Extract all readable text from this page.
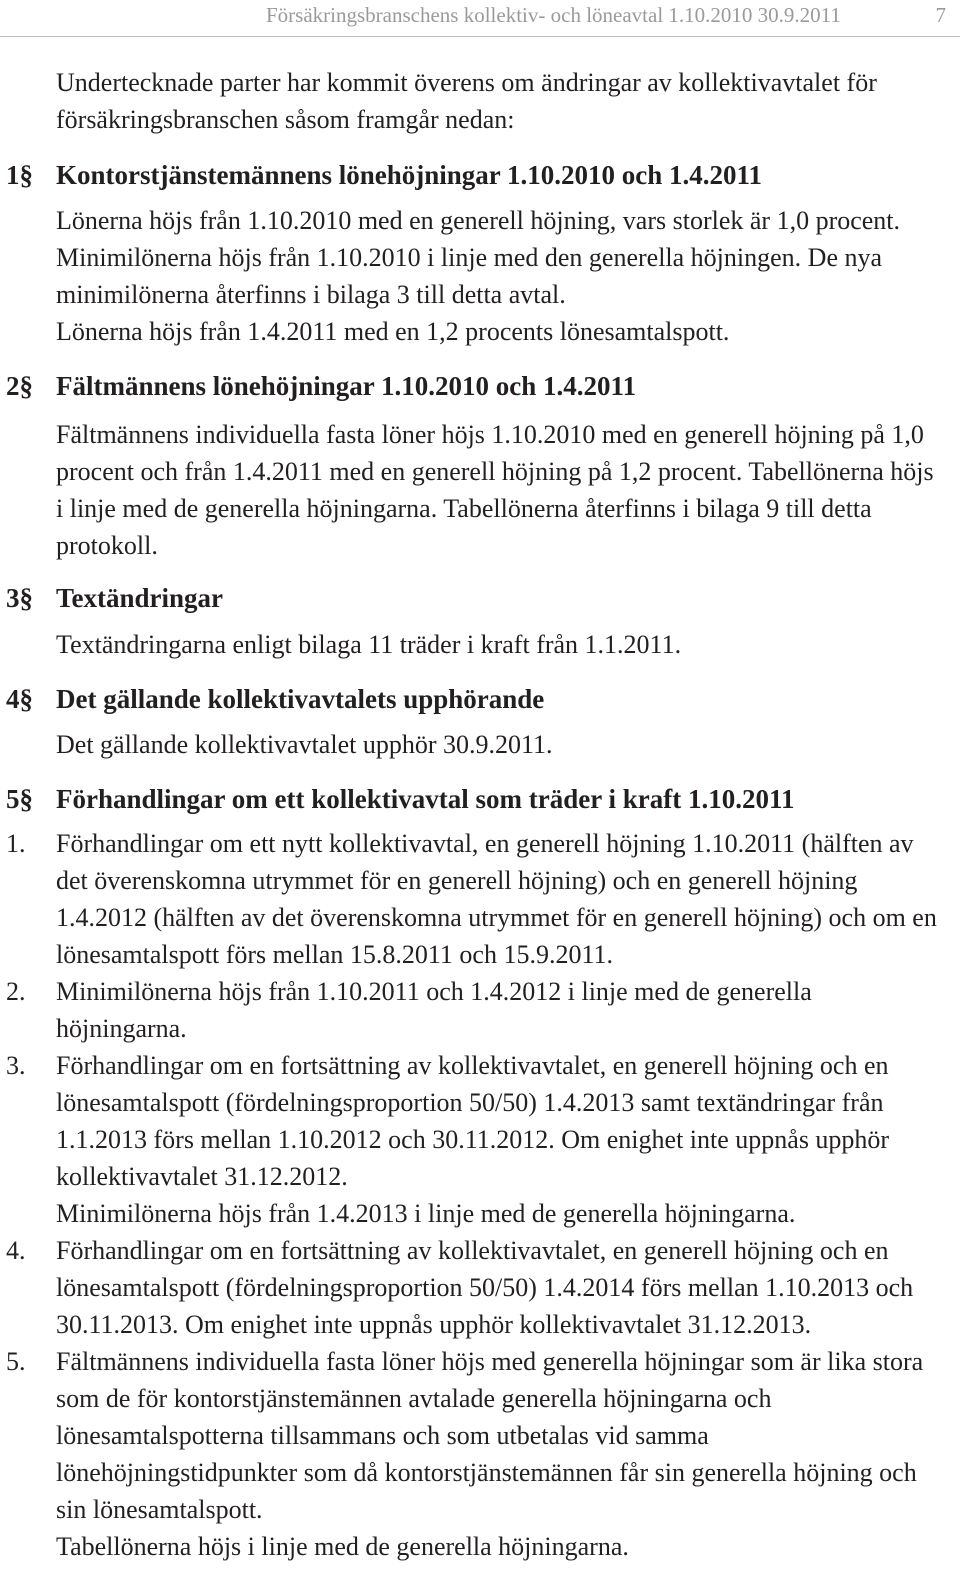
Försäkringsbranschens kollektiv- och löneavtal 1.10.2010 30.9.2011	7

Undertecknade parter har kommit överens om ändringar av kollektivavtalet för försäkringsbranschen såsom framgår nedan:

1§ Kontorstjänstemännens lönehöjningar 1.10.2010 och 1.4.2011

Lönerna höjs från 1.10.2010 med en generell höjning, vars storlek är 1,0 procent. Minimilönerna höjs från 1.10.2010 i linje med den generella höjningen. De nya minimilönerna återfinns i bilaga 3 till detta avtal.

Lönerna höjs från 1.4.2011 med en 1,2 procents lönesamtalspott.

2§ Fältmännens lönehöjningar 1.10.2010 och 1.4.2011

Fältmännens individuella fasta löner höjs 1.10.2010 med en generell höjning på 1,0 procent och från 1.4.2011 med en generell höjning på 1,2 procent. Tabellönerna höjs i linje med de generella höjningarna. Tabellönerna återfinns i bilaga 9 till detta protokoll.

3§ Textändringar

Textändringarna enligt bilaga 11 träder i kraft från 1.1.2011.

4§ Det gällande kollektivavtalets upphörande

Det gällande kollektivavtalet upphör 30.9.2011.

5§ Förhandlingar om ett kollektivavtal som träder i kraft 1.10.2011
1. Förhandlingar om ett nytt kollektivavtal, en generell höjning 1.10.2011 (hälften av det överenskomna utrymmet för en generell höjning) och en generell höjning 1.4.2012 (hälften av det överenskomna utrymmet för en generell höjning) och om en lönesamtalspott förs mellan 15.8.2011 och 15.9.2011.

2. Minimilönerna höjs från 1.10.2011 och 1.4.2012 i linje med de generella höjningarna.

3. Förhandlingar om en fortsättning av kollektivavtalet, en generell höjning och en lönesamtalspott (fördelningsproportion 50/50) 1.4.2013 samt textändringar från 1.1.2013 förs mellan 1.10.2012 och 30.11.2012. Om enighet inte uppnås upphör kollektivavtalet 31.12.2012.

Minimilönerna höjs från 1.4.2013 i linje med de generella höjningarna.

4. Förhandlingar om en fortsättning av kollektivavtalet, en generell höjning och en lönesamtalspott (fördelningsproportion 50/50) 1.4.2014 förs mellan 1.10.2013 och 30.11.2013. Om enighet inte uppnås upphör kollektivavtalet 31.12.2013.

5. Fältmännens individuella fasta löner höjs med generella höjningar som är lika stora som de för kontorstjänstemännen avtalade generella höjningarna och lönesamtalspotterna tillsammans och som utbetalas vid samma lönehöjningstidpunkter som då kontorstjänstemännen får sin generella höjning och sin lönesamtalspott.

Tabellönerna höjs i linje med de generella höjningarna.
